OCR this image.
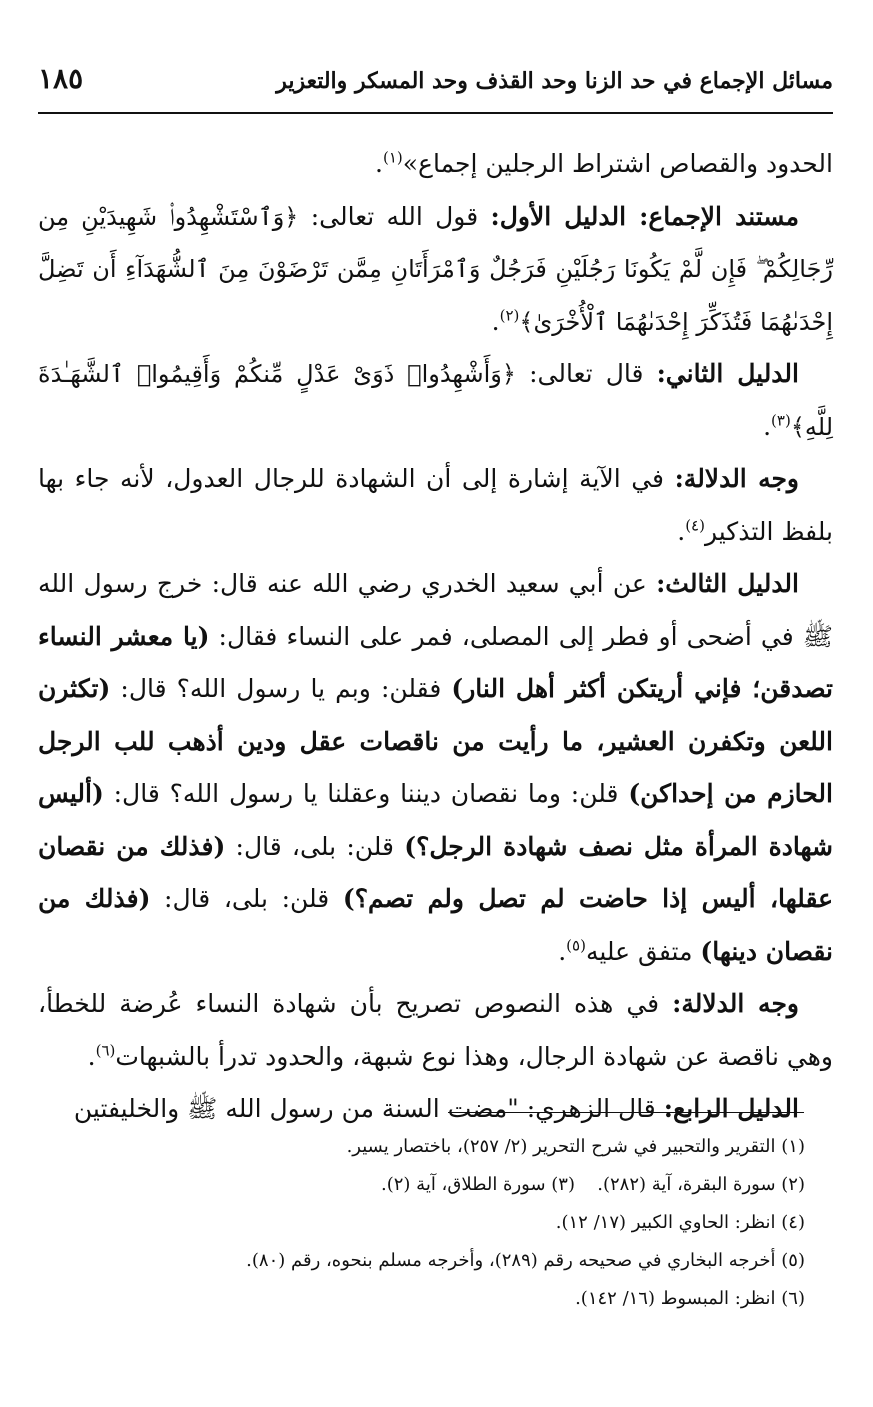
مسائل الإجماع في حد الزنا وحد القذف وحد المسكر والتعزير
١٨٥

الحدود والقصاص اشتراط الرجلين إجماع»$^{(١)}$.

مستند الإجماع: الدليل الأول: قول الله تعالى: ﴿وَٱسْتَشْهِدُوا۟ شَهِيدَيْنِ مِن رِّجَالِكُمْ ۖ فَإِن لَّمْ يَكُونَا رَجُلَيْنِ فَرَجُلٌ وَٱمْرَأَتَانِ مِمَّن تَرْضَوْنَ مِنَ ٱلشُّهَدَآءِ أَن تَضِلَّ إِحْدَىٰهُمَا فَتُذَكِّرَ إِحْدَىٰهُمَا ٱلْأُخْرَىٰ﴾$^{(٢)}$.

الدليل الثاني: قال تعالى: ﴿وَأَشْهِدُوا۟ ذَوَىْ عَدْلٍ مِّنكُمْ وَأَقِيمُوا۟ ٱلشَّهَـٰدَةَ لِلَّهِ﴾$^{(٣)}$.

وجه الدلالة: في الآية إشارة إلى أن الشهادة للرجال العدول، لأنه جاء بها بلفظ التذكير$^{(٤)}$.

الدليل الثالث: عن أبي سعيد الخدري رضي الله عنه قال: خرج رسول الله ﷺ في أضحى أو فطر إلى المصلى، فمر على النساء فقال: (يا معشر النساء تصدقن؛ فإني أريتكن أكثر أهل النار) فقلن: وبم يا رسول الله؟ قال: (تكثرن اللعن وتكفرن العشير، ما رأيت من ناقصات عقل ودين أذهب للب الرجل الحازم من إحداكن) قلن: وما نقصان ديننا وعقلنا يا رسول الله؟ قال: (أليس شهادة المرأة مثل نصف شهادة الرجل؟) قلن: بلى، قال: (فذلك من نقصان عقلها، أليس إذا حاضت لم تصل ولم تصم؟) قلن: بلى، قال: (فذلك من نقصان دينها) متفق عليه$^{(٥)}$.

وجه الدلالة: في هذه النصوص تصريح بأن شهادة النساء عُرضة للخطأ، وهي ناقصة عن شهادة الرجال، وهذا نوع شبهة، والحدود تدرأ بالشبهات$^{(٦)}$.

الدليل الرابع: قال الزهري: "مضت السنة من رسول الله ﷺ والخليفتين

(١) التقرير والتحبير في شرح التحرير (٢/ ٢٥٧)، باختصار يسير.

(٢) سورة البقرة، آية (٢٨٢).
(٣) سورة الطلاق، آية (٢).

(٤) انظر: الحاوي الكبير (١٧/ ١٢).

(٥) أخرجه البخاري في صحيحه رقم (٢٨٩)، وأخرجه مسلم بنحوه، رقم (٨٠).

(٦) انظر: المبسوط (١٦/ ١٤٢).
